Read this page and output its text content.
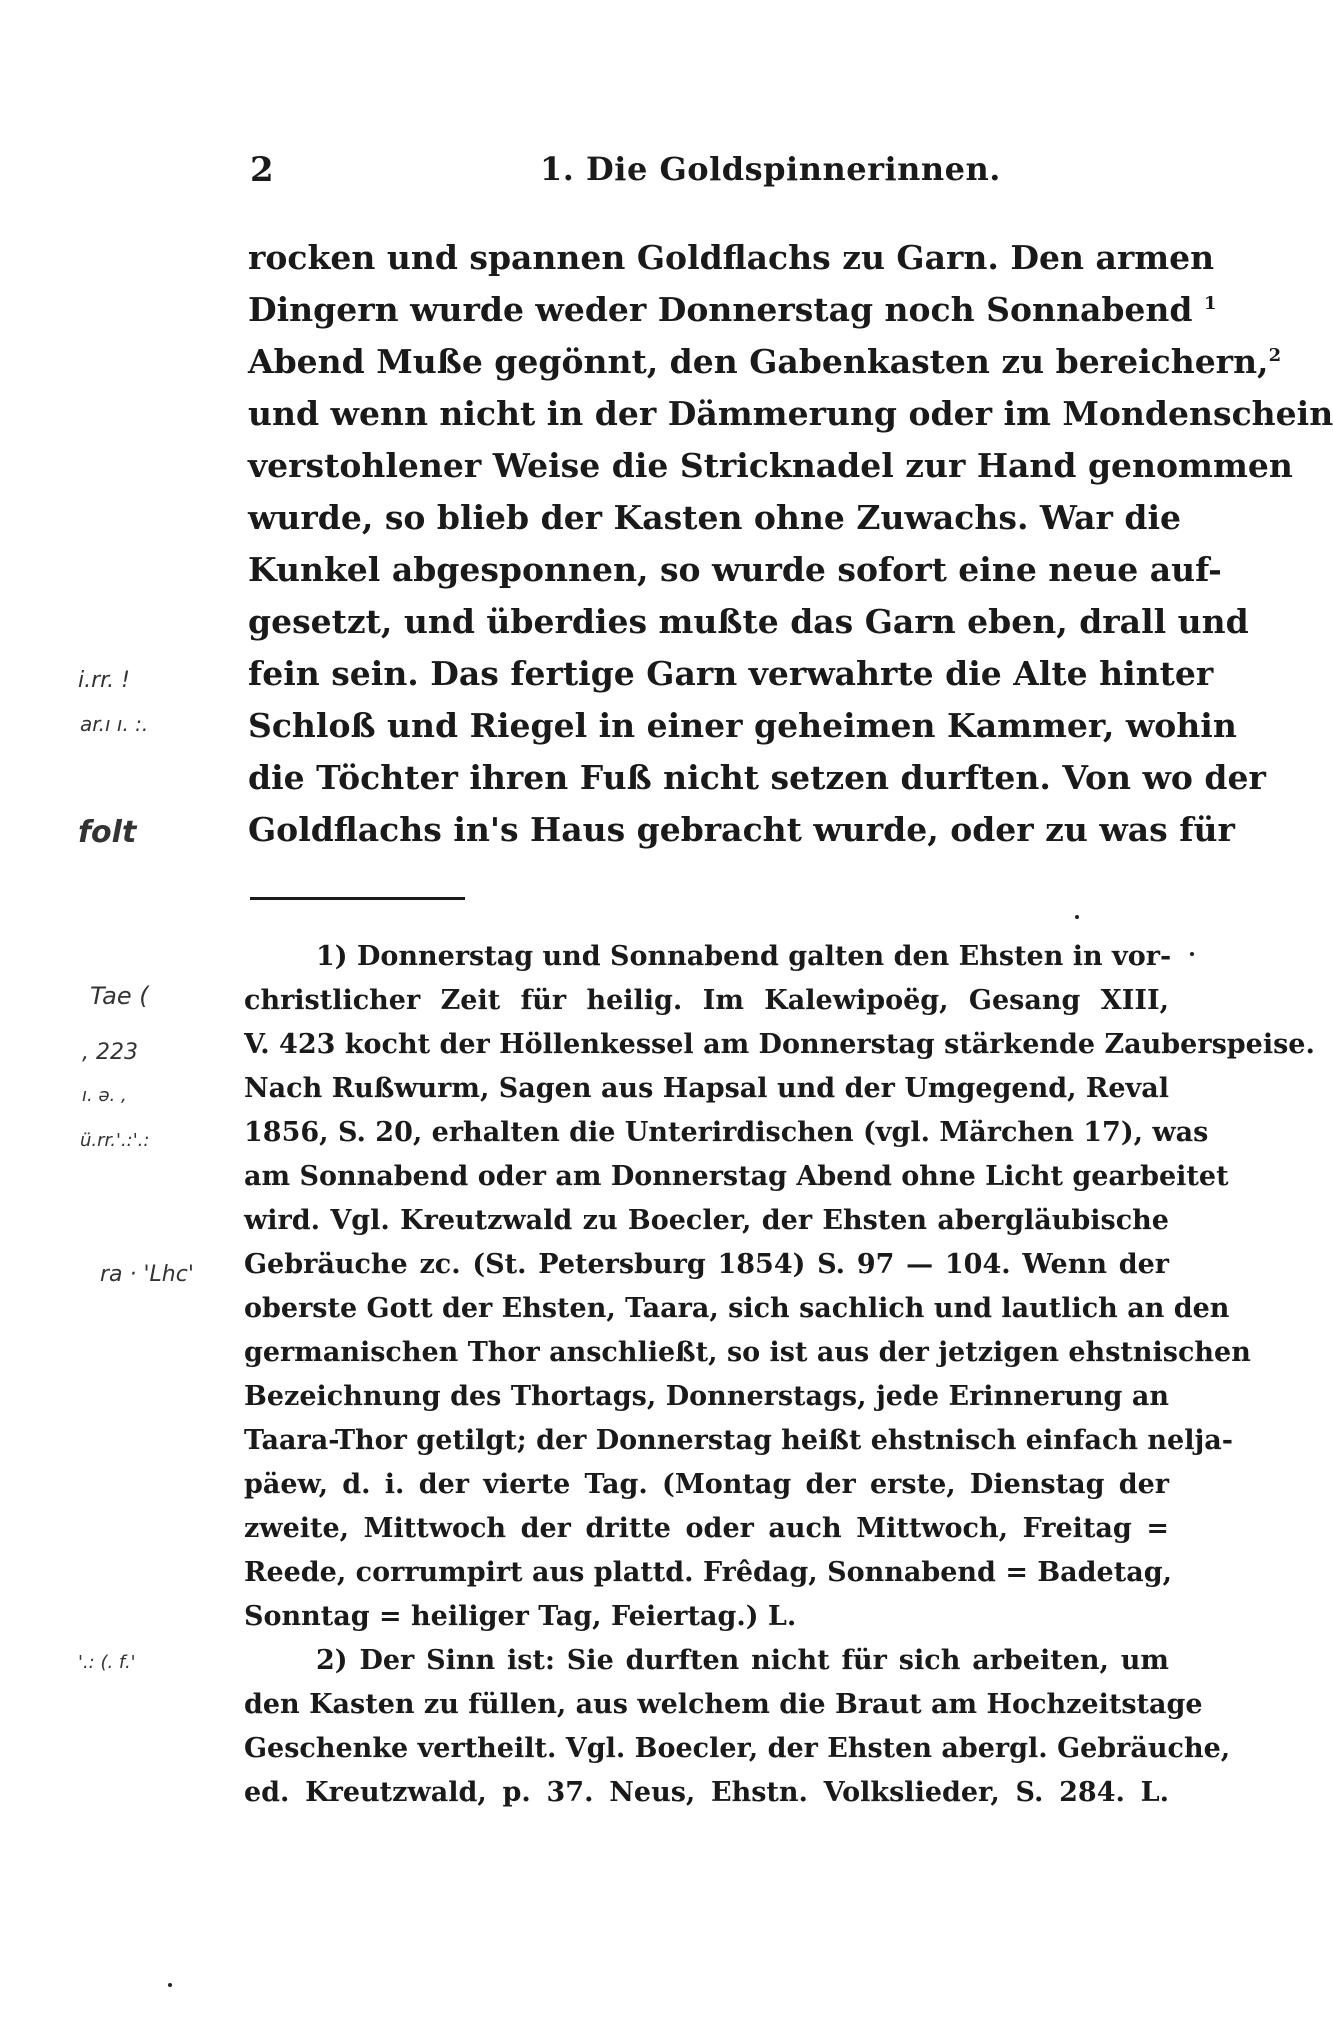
2	1. Die Goldspinnerinnen.
rocken und spannen Goldflachs zu Garn. Den armen
Dingern wurde weder Donnerstag noch Sonnabend $^1$
Abend Muße gegönnt, den Gabenkasten zu bereichern,$^2$
und wenn nicht in der Dämmerung oder im Mondenschein
verstohlener Weise die Stricknadel zur Hand genommen
wurde, so blieb der Kasten ohne Zuwachs. War die
Kunkel abgesponnen, so wurde sofort eine neue auf-
gesetzt, und überdies mußte das Garn eben, drall und
fein sein. Das fertige Garn verwahrte die Alte hinter
Schloß und Riegel in einer geheimen Kammer, wohin
die Töchter ihren Fuß nicht setzen durften. Von wo der
Goldflachs in's Haus gebracht wurde, oder zu was für
1) Donnerstag und Sonnabend galten den Ehsten in vor-
christlicher Zeit für heilig. Im Kalewipoëg, Gesang XIII,
V. 423 kocht der Höllenkessel am Donnerstag stärkende Zauberspeise.
Nach Rußwurm, Sagen aus Hapsal und der Umgegend, Reval
1856, S. 20, erhalten die Unterirdischen (vgl. Märchen 17), was
am Sonnabend oder am Donnerstag Abend ohne Licht gearbeitet
wird. Vgl. Kreutzwald zu Boecler, der Ehsten abergläubische
Gebräuche zc. (St. Petersburg 1854) S. 97 — 104. Wenn der
oberste Gott der Ehsten, Taara, sich sachlich und lautlich an den
germanischen Thor anschließt, so ist aus der jetzigen ehstnischen
Bezeichnung des Thortags, Donnerstags, jede Erinnerung an
Taara-Thor getilgt; der Donnerstag heißt ehstnisch einfach nelja-
päew, d. i. der vierte Tag. (Montag der erste, Dienstag der
zweite, Mittwoch der dritte oder auch Mittwoch, Freitag =
Reede, corrumpirt aus plattd. Frêdag, Sonnabend = Badetag,
Sonntag = heiliger Tag, Feiertag.) L.
2) Der Sinn ist: Sie durften nicht für sich arbeiten, um
den Kasten zu füllen, aus welchem die Braut am Hochzeitstage
Geschenke vertheilt. Vgl. Boecler, der Ehsten abergl. Gebräuche,
ed. Kreutzwald, p. 37. Neus, Ehstn. Volkslieder, S. 284. L.
i.rr. !
ar.ı ı. :.
folt
Tae (
, 223
ı. ə. ,
ü.rr.'.:'.:
ra · 'Lhc'
'.: (. f.'
